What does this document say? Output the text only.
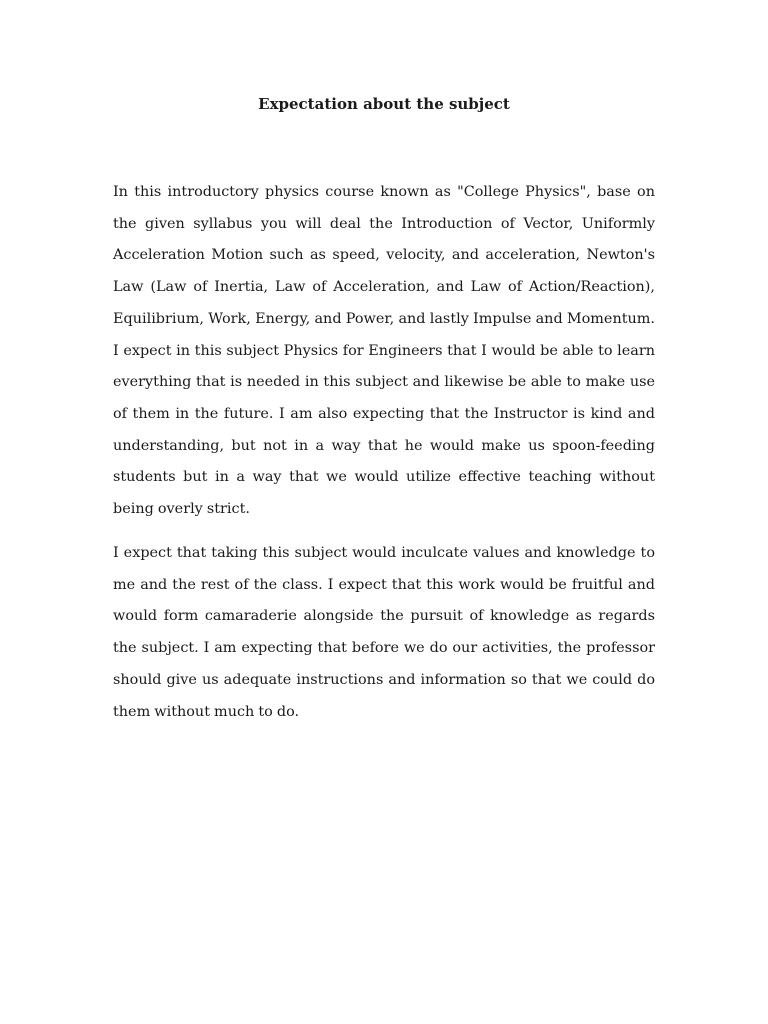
Expectation about the subject

In this introductory physics course known as "College Physics", base on the given syllabus you will deal the Introduction of Vector, Uniformly Acceleration Motion such as speed, velocity, and acceleration, Newton's Law (Law of Inertia, Law of Acceleration, and Law of Action/Reaction), Equilibrium, Work, Energy, and Power, and lastly Impulse and Momentum. I expect in this subject Physics for Engineers that I would be able to learn everything that is needed in this subject and likewise be able to make use of them in the future. I am also expecting that the Instructor is kind and understanding, but not in a way that he would make us spoon-feeding students but in a way that we would utilize effective teaching without being overly strict.

I expect that taking this subject would inculcate values and knowledge to me and the rest of the class. I expect that this work would be fruitful and would form camaraderie alongside the pursuit of knowledge as regards the subject. I am expecting that before we do our activities, the professor should give us adequate instructions and information so that we could do them without much to do.
